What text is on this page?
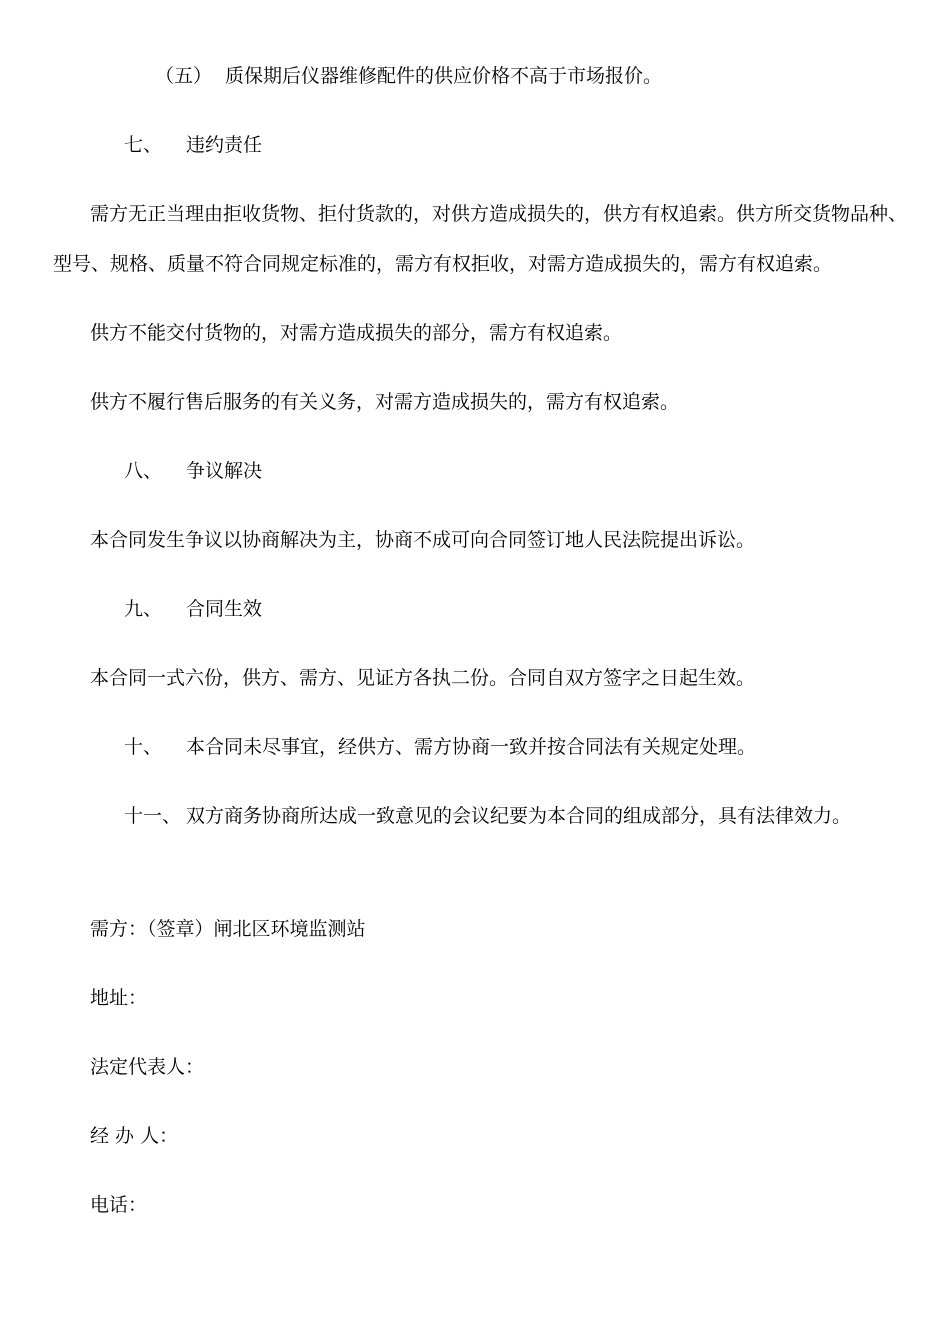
（五） 质保期后仪器维修配件的供应价格不高于市场报价。
七、 违约责任
需方无正当理由拒收货物、拒付货款的，对供方造成损失的，供方有权追索。供方所交货物品种、
型号、规格、质量不符合同规定标准的，需方有权拒收，对需方造成损失的，需方有权追索。
供方不能交付货物的，对需方造成损失的部分，需方有权追索。
供方不履行售后服务的有关义务，对需方造成损失的，需方有权追索。
八、 争议解决
本合同发生争议以协商解决为主，协商不成可向合同签订地人民法院提出诉讼。
九、 合同生效
本合同一式六份，供方、需方、见证方各执二份。合同自双方签字之日起生效。
十、 本合同未尽事宜，经供方、需方协商一致并按合同法有关规定处理。
十一、 双方商务协商所达成一致意见的会议纪要为本合同的组成部分，具有法律效力。
需方：（签章）闸北区环境监测站
地址：
法定代表人：
经 办 人：
电话：
